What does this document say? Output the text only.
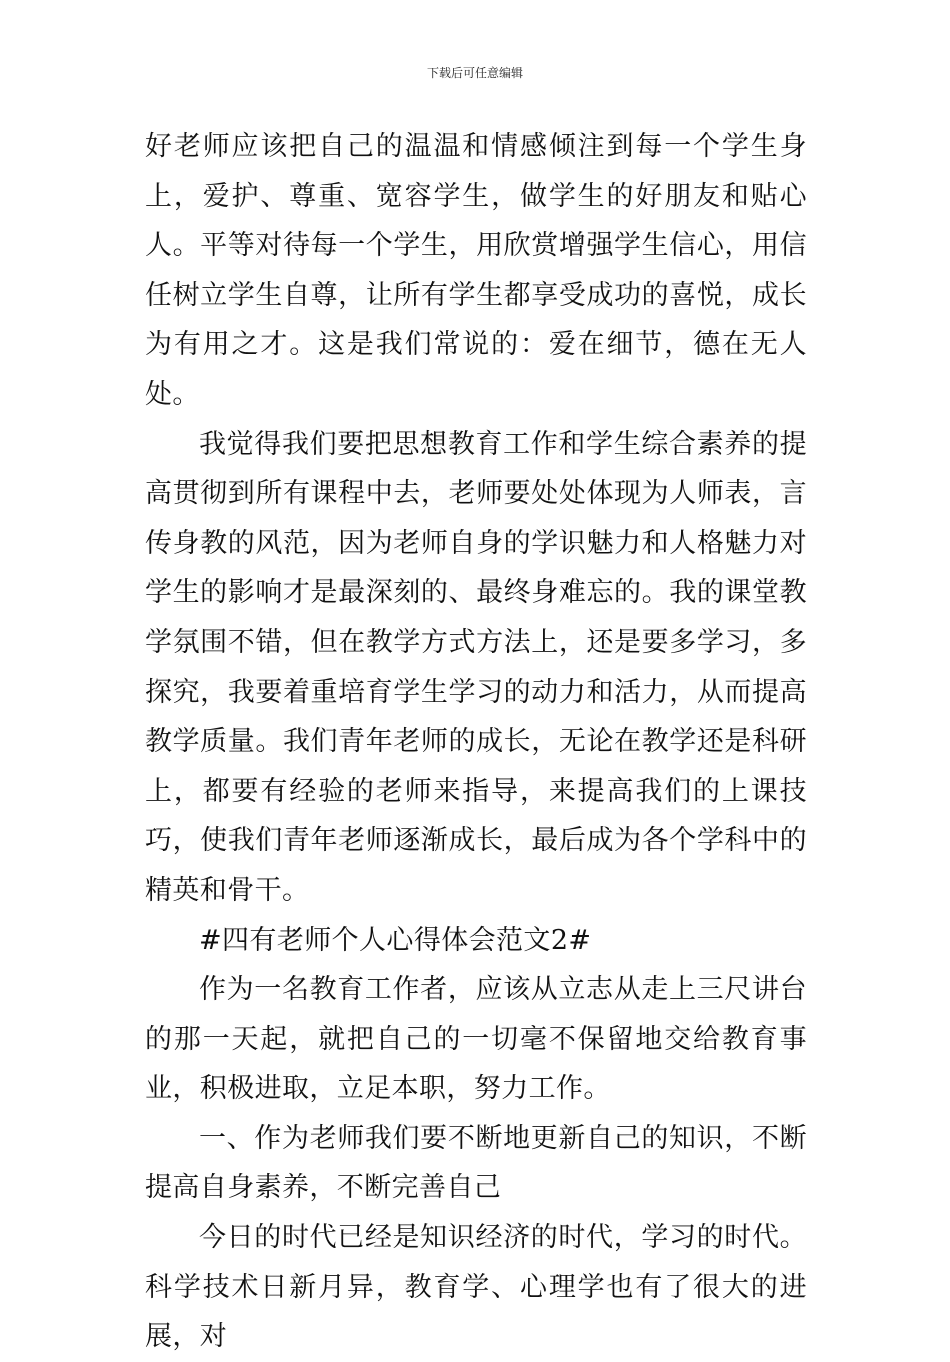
下载后可任意编辑

好老师应该把自己的温温和情感倾注到每一个学生身上，爱护、尊重、宽容学生，做学生的好朋友和贴心人。平等对待每一个学生，用欣赏增强学生信心，用信任树立学生自尊，让所有学生都享受成功的喜悦，成长为有用之才。这是我们常说的：爱在细节，德在无人处。

我觉得我们要把思想教育工作和学生综合素养的提高贯彻到所有课程中去，老师要处处体现为人师表，言传身教的风范，因为老师自身的学识魅力和人格魅力对学生的影响才是最深刻的、最终身难忘的。我的课堂教学氛围不错，但在教学方式方法上，还是要多学习，多探究，我要着重培育学生学习的动力和活力，从而提高教学质量。我们青年老师的成长，无论在教学还是科研上，都要有经验的老师来指导，来提高我们的上课技巧，使我们青年老师逐渐成长，最后成为各个学科中的精英和骨干。

#四有老师个人心得体会范文2#

作为一名教育工作者，应该从立志从走上三尺讲台的那一天起，就把自己的一切毫不保留地交给教育事业，积极进取，立足本职，努力工作。

一、作为老师我们要不断地更新自己的知识，不断提高自身素养，不断完善自己

今日的时代已经是知识经济的时代，学习的时代。科学技术日新月异，教育学、心理学也有了很大的进展，对
